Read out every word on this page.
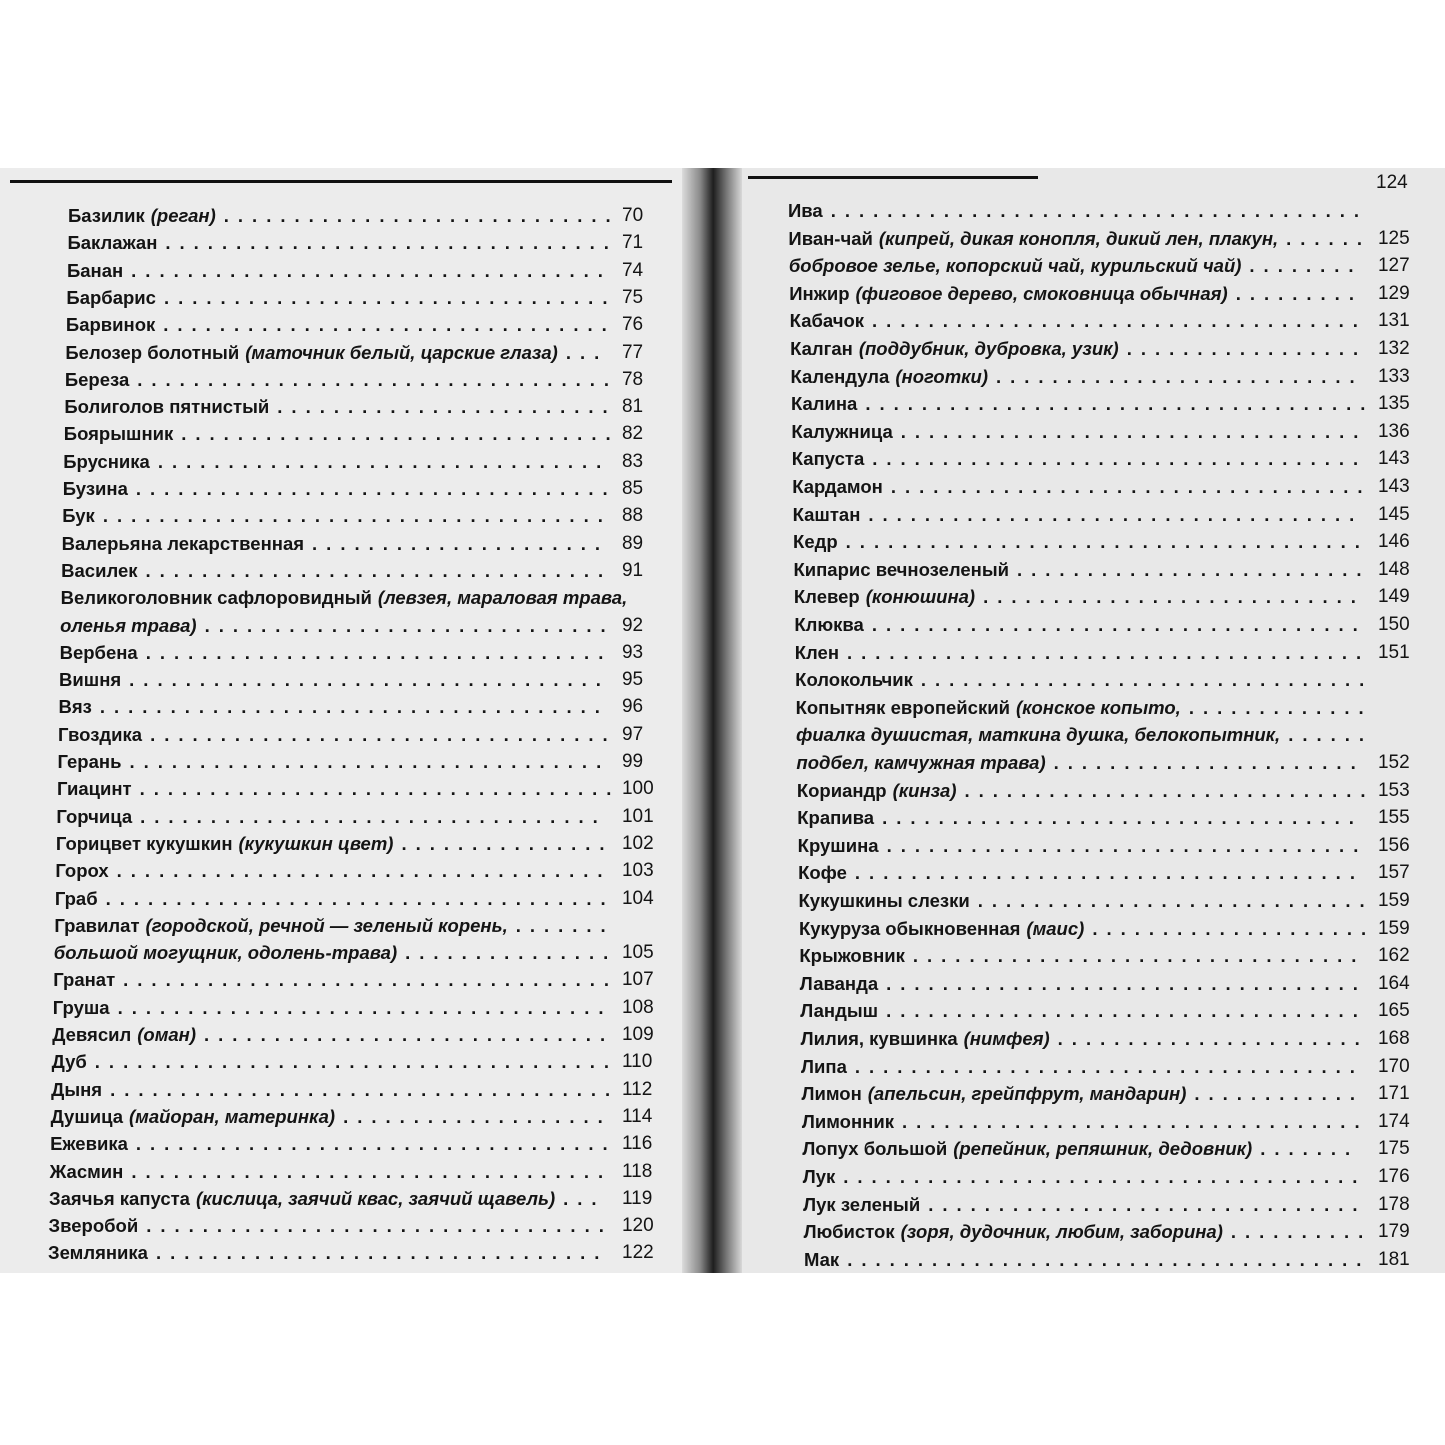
Базилик (реган) ............................ 70
Баклажан ................................ 71
Банан .................................. 74
Барбарис ................................ 75
Барвинок ................................ 76
Белозер болотный (маточник белый, царские глаза) ... 77
Береза .................................. 78
Болиголов пятнистый ........................ 81
Боярышник ............................... 82
Брусника ................................ 83
Бузина .................................. 85
Бук .................................... 88
Валерьяна лекарственная ..................... 89
Василек ................................. 91
Великоголовник сафлоровидный (левзея, мараловая трава,
оленья трава) ............................. 92
Вербена ................................. 93
Вишня .................................. 95
Вяз .................................... 96
Гвоздика ................................. 97
Герань .................................. 99
Гиацинт .................................. 100
Горчица ................................. 101
Горицвет кукушкин (кукушкин цвет) ............... 102
Горох ................................... 103
Граб .................................... 104
Гравилат (городской, речной — зеленый корень, .......
большой могущник, одолень-трава) ............... 105
Гранат ................................... 107
Груша ................................... 108
Девясил (оман) ............................. 109
Дуб ..................................... 110
Дыня .................................... 112
Душица (майоран, материнка) ................... 114
Ежевика .................................. 116
Жасмин .................................. 118
Заячья капуста (кислица, заячий квас, заячий щавель) ... 119
Зверобой ................................. 120
Земляника ................................ 122
124
Ива ......................................
Иван-чай (кипрей, дикая конопля, дикий лен, плакун, ...... 125
бобровое зелье, копорский чай, курильский чай) ........ 127
Инжир (фиговое дерево, смоковница обычная) ......... 129
Кабачок ................................... 131
Калган (поддубник, дубровка, узик) ................. 132
Календула (ноготки) .......................... 133
Калина .................................... 135
Калужница ................................. 136
Капуста ................................... 143
Кардамон .................................. 143
Каштан ................................... 145
Кедр ..................................... 146
Кипарис вечнозеленый ......................... 148
Клевер (конюшина) ........................... 149
Клюква ................................... 150
Клен ..................................... 151
Колокольчик ................................
Копытняк европейский (конское копыто, .............
фиалка душистая, маткина душка, белокопытник, ......
подбел, камчужная трава) ...................... 152
Кориандр (кинза) ............................. 153
Крапива .................................. 155
Крушина .................................. 156
Кофе .................................... 157
Кукушкины слезки ............................ 159
Кукуруза обыкновенная (маис) .................... 159
Крыжовник ................................ 162
Лаванда .................................. 164
Ландыш .................................. 165
Лилия, кувшинка (нимфея) ...................... 168
Липа .................................... 170
Лимон (апельсин, грейпфрут, мандарин) ............ 171
Лимонник ................................. 174
Лопух большой (репейник, репяшник, дедовник) ....... 175
Лук ..................................... 176
Лук зеленый ............................... 178
Любисток (зоря, дудочник, любим, заборина) .......... 179
Мак ..................................... 181
